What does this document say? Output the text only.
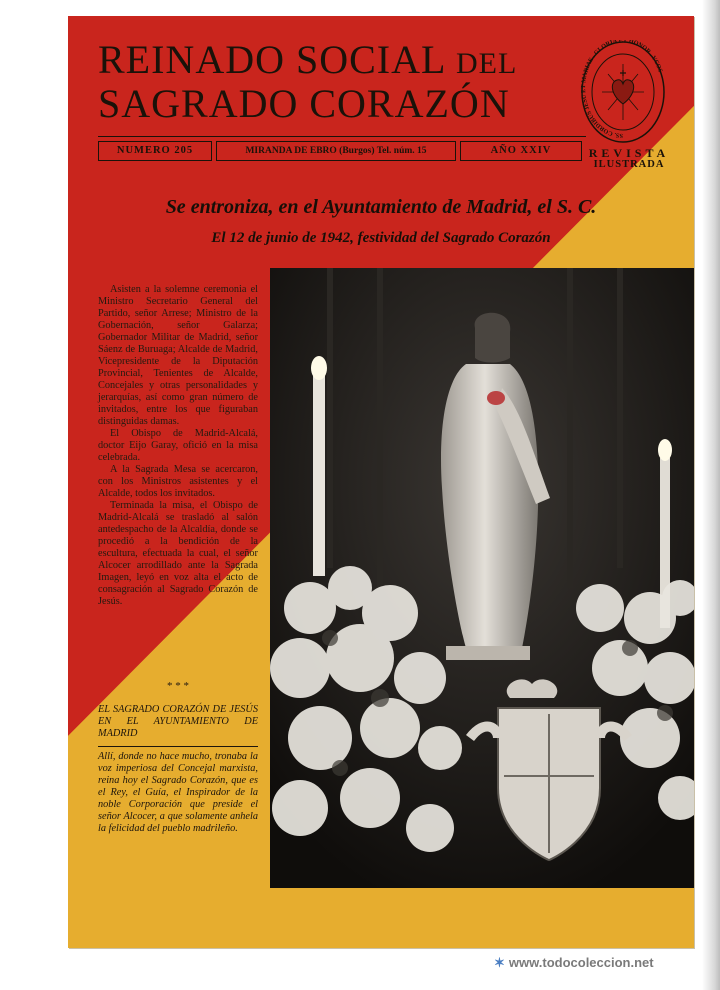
REINADO SOCIAL DEL
SAGRADO CORAZÓN
NUMERO 205	MIRANDA DE EBRO (Burgos) Tel. núm. 15	AÑO XXIV
SS. CORDIBUS JESU ET MARIAE . GLORIA ET HONOR . VCOS
REVISTA
ILUSTRADA
Se entroniza, en el Ayuntamiento de Madrid, el S. C.
El 12 de junio de 1942, festividad del Sagrado Corazón

Asisten a la solemne ceremonia el Ministro Secretario General del Partido, señor Arrese; Ministro de la Gobernación, señor Galarza; Gobernador Militar de Madrid, señor Sáenz de Buruaga; Alcalde de Madrid, Vicepresidente de la Diputación Provincial, Tenientes de Alcalde, Concejales y otras personalidades y jerarquías, así como gran número de invitados, entre los que figuraban distinguidas damas.

El Obispo de Madrid-Alcalá, doctor Eijo Garay, ofició en la misa celebrada.

A la Sagrada Mesa se acercaron, con los Ministros asistentes y el Alcalde, todos los invitados.

Terminada la misa, el Obispo de Madrid-Alcalá se trasladó al salón antedespacho de la Alcaldía, donde se procedió a la bendición de la escultura, efectuada la cual, el señor Alcocer arrodillado ante la Sagrada Imagen, leyó en voz alta el acto de consagración al Sagrado Corazón de Jesús.

* * *

EL SAGRADO CORAZÓN DE JESÚS EN EL AYUNTAMIENTO DE MADRID

Allí, donde no hace mucho, tronaba la voz imperiosa del Concejal marxista, reina hoy el Sagrado Corazón, que es el Rey, el Guía, el Inspirador de la noble Corporación que preside el señor Alcocer, a que solamente anhela la felicidad del pueblo madrileño.

✶ www.todocoleccion.net
